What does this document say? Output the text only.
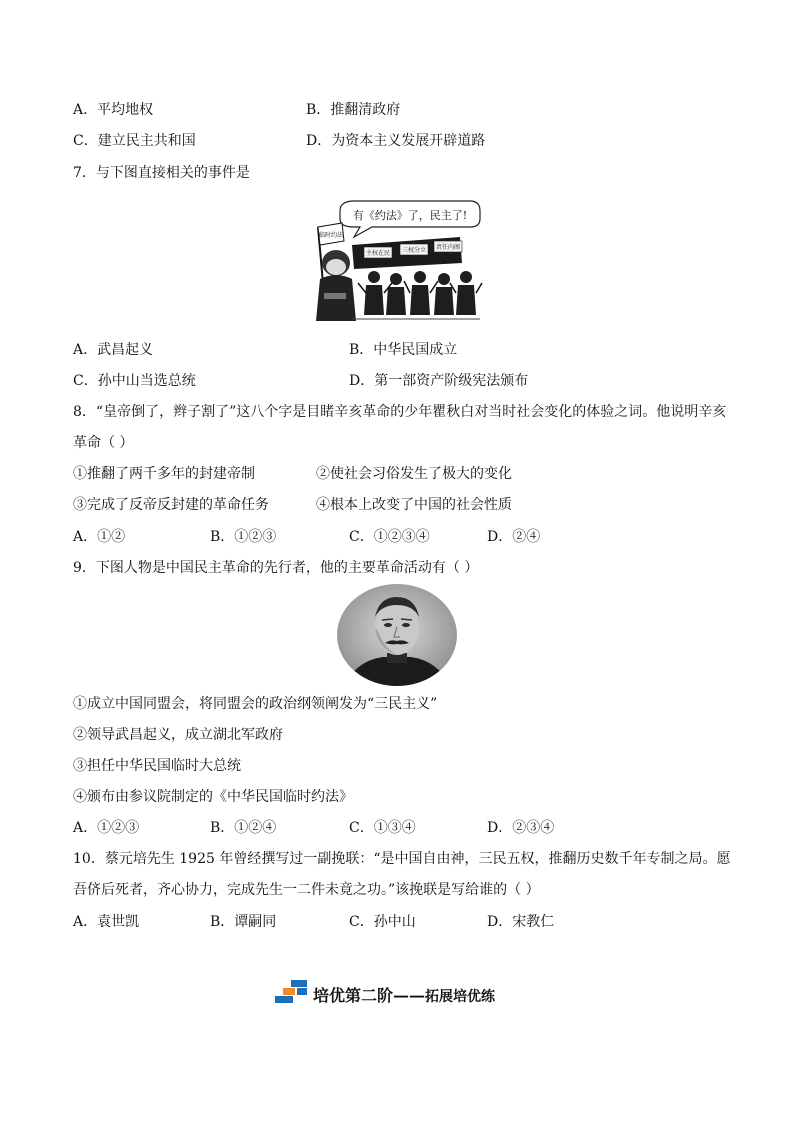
A．平均地权	B．推翻清政府
C．建立民主共和国	D．为资本主义发展开辟道路
7．与下图直接相关的事件是
有《约法》了，民主了!
临时约法
主权在民 三权分立 责任内阁
A．武昌起义	B．中华民国成立
C．孙中山当选总统	D．第一部资产阶级宪法颁布
8．“皇帝倒了，辫子割了”这八个字是目睹辛亥革命的少年瞿秋白对当时社会变化的体验之词。他说明辛亥
革命（ ）
①推翻了两千多年的封建帝制	②使社会习俗发生了极大的变化
③完成了反帝反封建的革命任务	④根本上改变了中国的社会性质
A．①②	B．①②③	C．①②③④	D．②④
9．下图人物是中国民主革命的先行者，他的主要革命活动有（ ）
①成立中国同盟会，将同盟会的政治纲领阐发为“三民主义”
②领导武昌起义，成立湖北军政府
③担任中华民国临时大总统
④颁布由参议院制定的《中华民国临时约法》
A．①②③	B．①②④	C．①③④	D．②③④
10．蔡元培先生 1925 年曾经撰写过一副挽联：“是中国自由神，三民五权，推翻历史数千年专制之局。愿
吾侪后死者，齐心协力，完成先生一二件未竟之功。”该挽联是写给谁的（ ）
A．袁世凯	B．谭嗣同	C．孙中山	D．宋教仁
培优第二阶——拓展培优练
